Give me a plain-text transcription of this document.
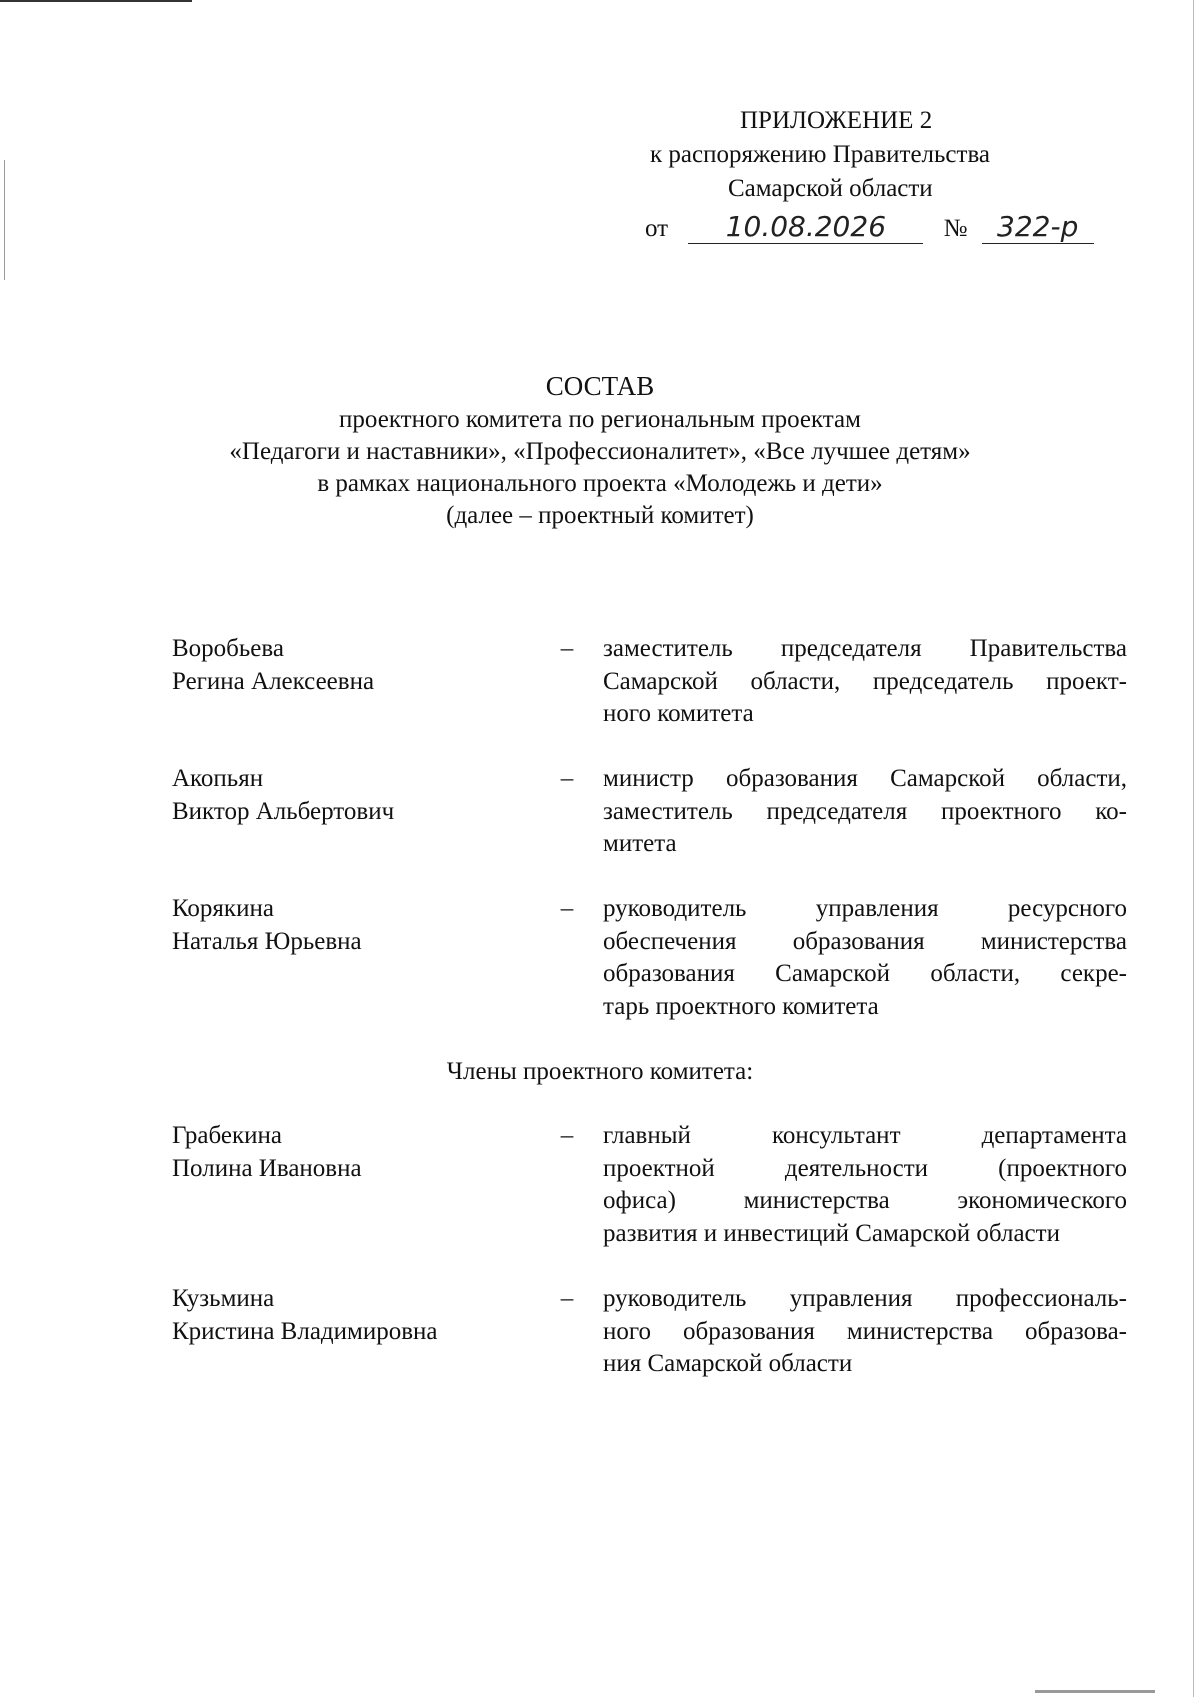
ПРИЛОЖЕНИЕ 2
к распоряжению Правительства
Самарской области
от 10.08.2026 № 322-р
СОСТАВ
проектного комитета по региональным проектам
«Педагоги и наставники», «Профессионалитет», «Все лучшее детям»
в рамках национального проекта «Молодежь и дети»
(далее – проектный комитет)
Воробьева
Регина Алексеевна
– заместитель председателя Правительства
Самарской области, председатель проект-
ного комитета
Акопьян
Виктор Альбертович
– министр образования Самарской области,
заместитель председателя проектного ко-
митета
Корякина
Наталья Юрьевна
– руководитель управления ресурсного
обеспечения образования министерства
образования Самарской области, секре-
тарь проектного комитета
Члены проектного комитета:
Грабекина
Полина Ивановна
– главный консультант департамента
проектной деятельности (проектного
офиса) министерства экономического
развития и инвестиций Самарской области
Кузьмина
Кристина Владимировна
– руководитель управления профессиональ-
ного образования министерства образова-
ния Самарской области
